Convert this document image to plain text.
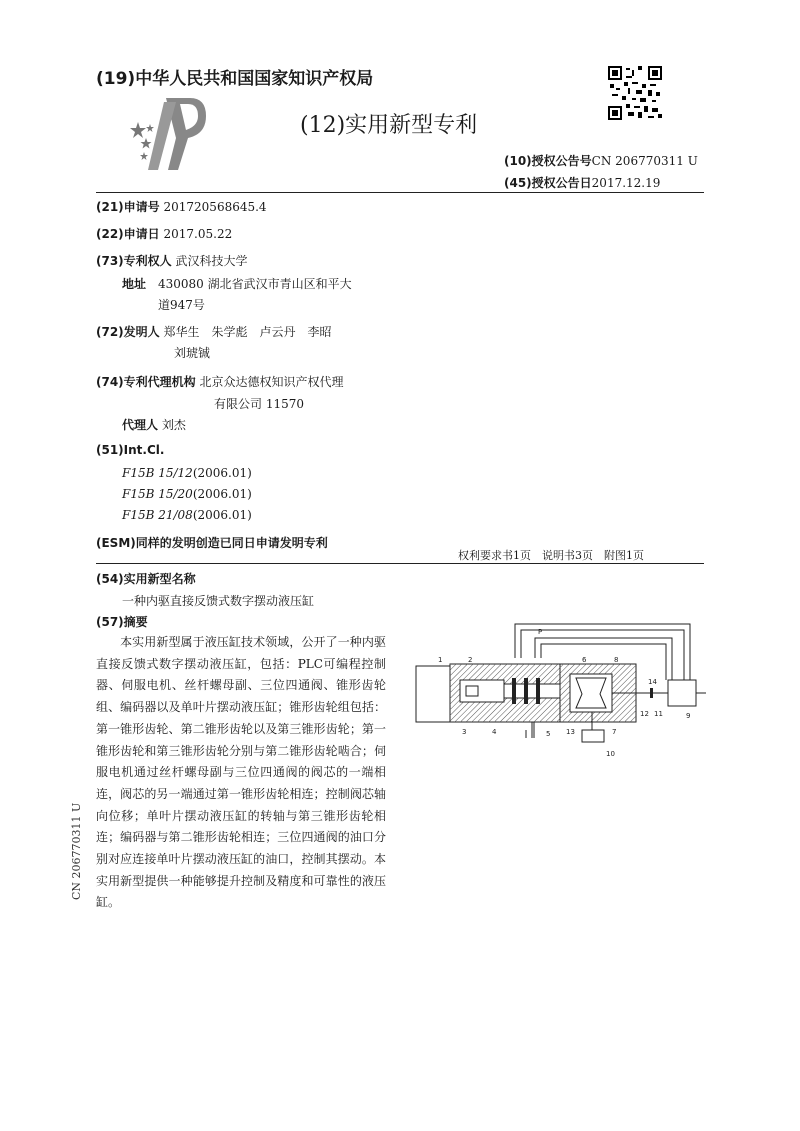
(19)中华人民共和国国家知识产权局
(12)实用新型专利
(10)授权公告号CN 206770311 U
(45)授权公告日2017.12.19
(21)申请号 201720568645.4
(22)申请日 2017.05.22
(73)专利权人 武汉科技大学
地址 430080 湖北省武汉市青山区和平大
道947号
(72)发明人 郑华生　朱学彪　卢云丹　李昭
刘琥铖
(74)专利代理机构 北京众达德权知识产权代理
有限公司 11570
代理人 刘杰
(51)Int.Cl.
F15B 15/12(2006.01)
F15B 15/20(2006.01)
F15B 21/08(2006.01)
(ESM)同样的发明创造已同日申请发明专利
权利要求书1页　说明书3页　附图1页
(54)实用新型名称
一种内驱直接反馈式数字摆动液压缸
(57)摘要
本实用新型属于液压缸技术领域，公开了一种内驱直接反馈式数字摆动液压缸，包括：PLC可编程控制器、伺服电机、丝杆螺母副、三位四通阀、锥形齿轮组、编码器以及单叶片摆动液压缸；锥形齿轮组包括：第一锥形齿轮、第二锥形齿轮以及第三锥形齿轮；第一锥形齿轮和第三锥形齿轮分别与第二锥形齿轮啮合；伺服电机通过丝杆螺母副与三位四通阀的阀芯的一端相连，阀芯的另一端通过第一锥形齿轮相连；控制阀芯轴向位移；单叶片摆动液压缸的转轴与第三锥形齿轮相连；编码器与第二锥形齿轮相连；三位四通阀的油口分别对应连接单叶片摆动液压缸的油口，控制其摆动。本实用新型提供一种能够提升控制及精度和可靠性的液压缸。
1	2
3	4	5
6
7
8
9
10
11
12
13
14
P
CN 206770311 U
